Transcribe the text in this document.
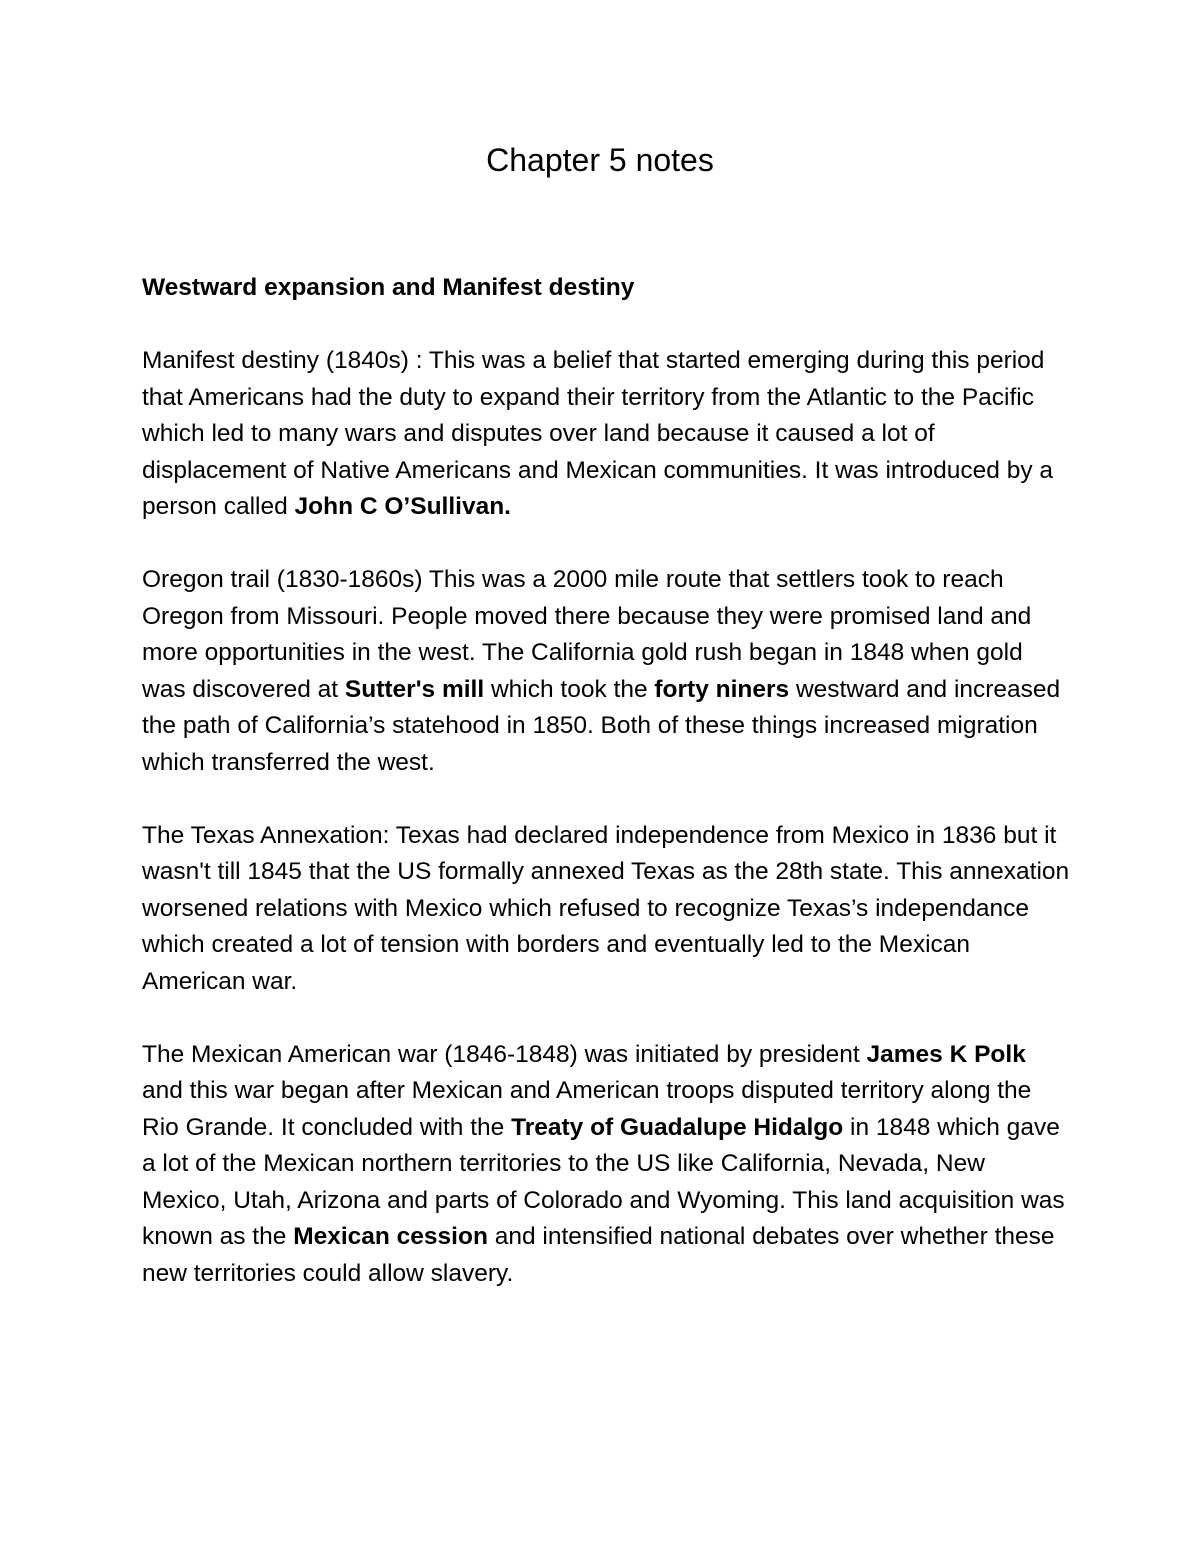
Chapter 5 notes
Westward expansion and Manifest destiny

Manifest destiny (1840s) : This was a belief that started emerging during this period that Americans had the duty to expand their territory from the Atlantic to the Pacific which led to many wars and disputes over land because it caused a lot of displacement of Native Americans and Mexican communities. It was introduced by a person called John C O’Sullivan.

Oregon trail (1830-1860s) This was a 2000 mile route that settlers took to reach Oregon from Missouri. People moved there because they were promised land and more opportunities in the west. The California gold rush began in 1848 when gold was discovered at Sutter's mill which took the forty niners westward and increased the path of California’s statehood in 1850. Both of these things increased migration which transferred the west.

The Texas Annexation: Texas had declared independence from Mexico in 1836 but it wasn't till 1845 that the US formally annexed Texas as the 28th state. This annexation worsened relations with Mexico which refused to recognize Texas’s independance which created a lot of tension with borders and eventually led to the Mexican American war.

The Mexican American war (1846-1848) was initiated by president James K Polk and this war began after Mexican and American troops disputed territory along the Rio Grande. It concluded with the Treaty of Guadalupe Hidalgo in 1848 which gave a lot of the Mexican northern territories to the US like California, Nevada, New Mexico, Utah, Arizona and parts of Colorado and Wyoming. This land acquisition was known as the Mexican cession and intensified national debates over whether these new territories could allow slavery.
